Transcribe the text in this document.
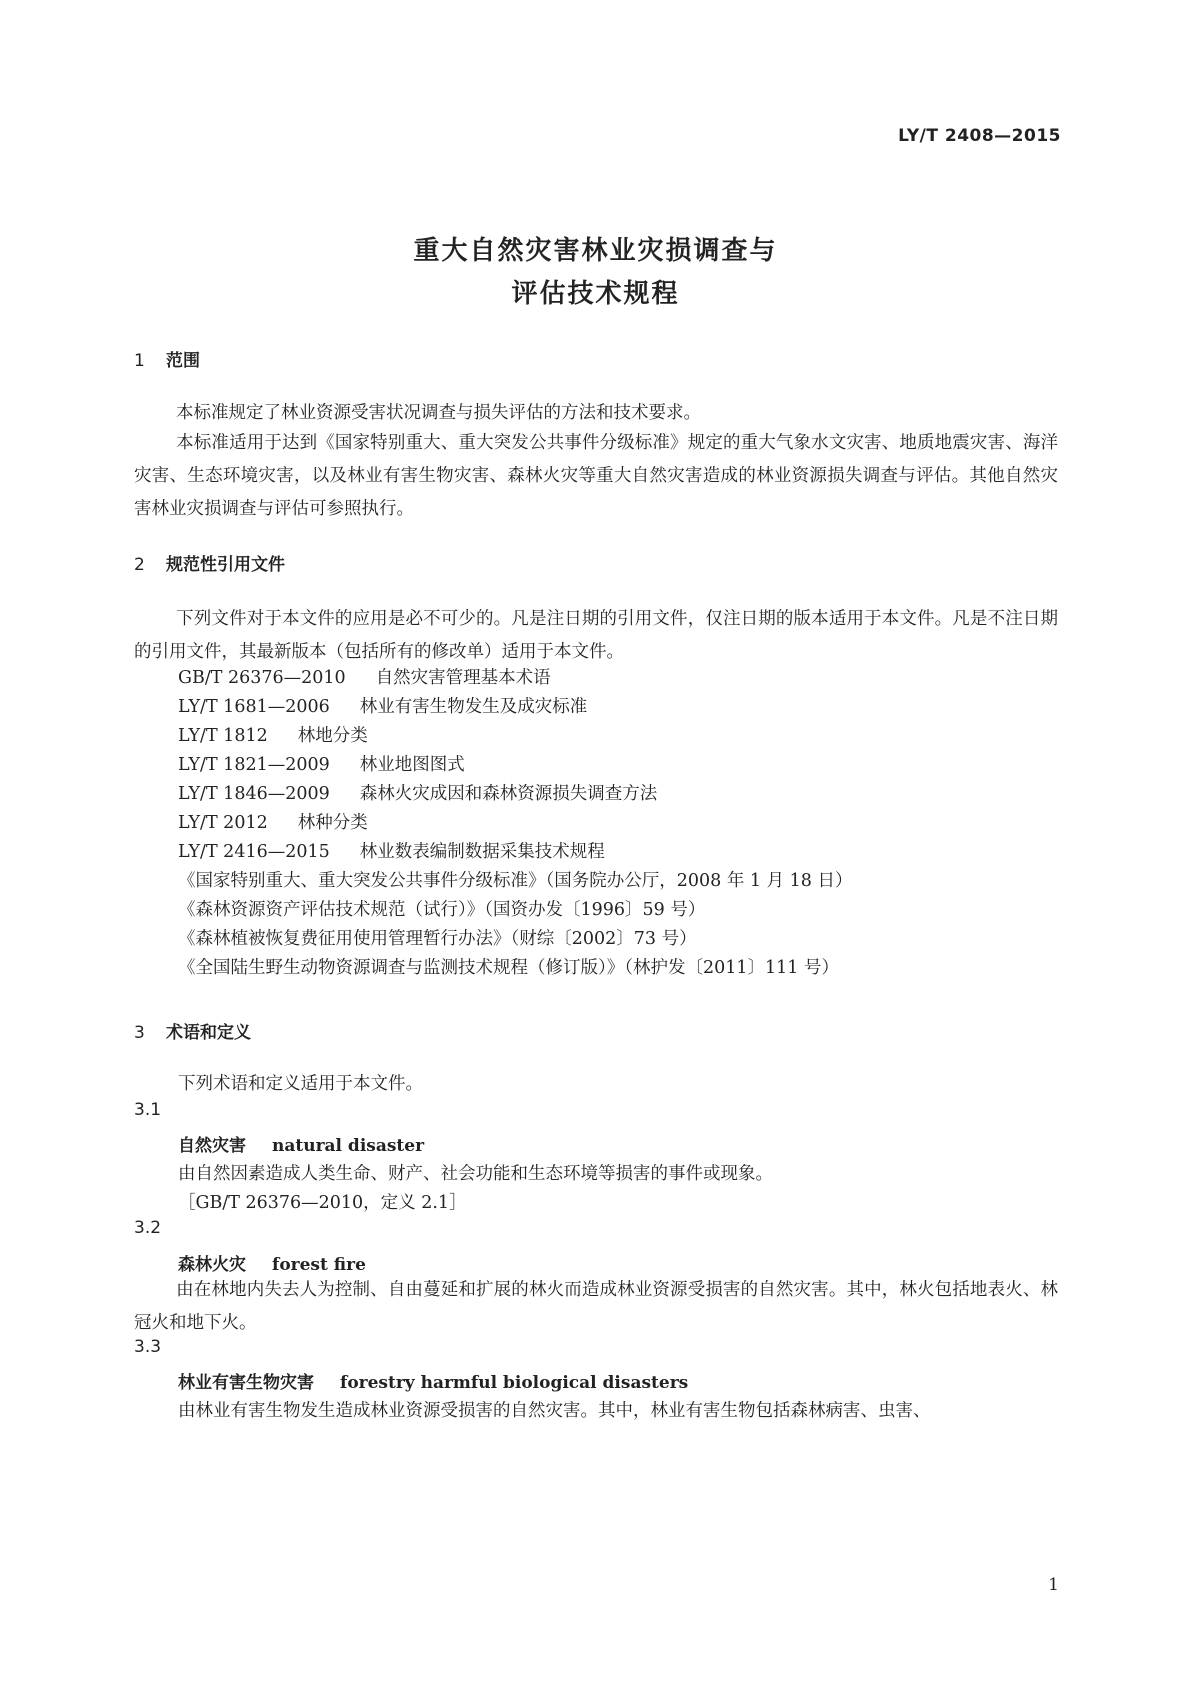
LY/T 2408—2015
重大自然灾害林业灾损调查与
评估技术规程
1 范围
本标准规定了林业资源受害状况调查与损失评估的方法和技术要求。
本标准适用于达到《国家特别重大、重大突发公共事件分级标准》规定的重大气象水文灾害、地质地震灾害、海洋灾害、生态环境灾害，以及林业有害生物灾害、森林火灾等重大自然灾害造成的林业资源损失调查与评估。其他自然灾害林业灾损调查与评估可参照执行。
2 规范性引用文件
下列文件对于本文件的应用是必不可少的。凡是注日期的引用文件，仅注日期的版本适用于本文件。凡是不注日期的引用文件，其最新版本（包括所有的修改单）适用于本文件。
GB/T 26376—2010 自然灾害管理基本术语
LY/T 1681—2006 林业有害生物发生及成灾标准
LY/T 1812 林地分类
LY/T 1821—2009 林业地图图式
LY/T 1846—2009 森林火灾成因和森林资源损失调查方法
LY/T 2012 林种分类
LY/T 2416—2015 林业数表编制数据采集技术规程
《国家特别重大、重大突发公共事件分级标准》（国务院办公厅，2008 年 1 月 18 日）
《森林资源资产评估技术规范（试行）》（国资办发〔1996〕59 号）
《森林植被恢复费征用使用管理暂行办法》（财综〔2002〕73 号）
《全国陆生野生动物资源调查与监测技术规程（修订版）》（林护发〔2011〕111 号）
3 术语和定义
下列术语和定义适用于本文件。
3.1
自然灾害 natural disaster
由自然因素造成人类生命、财产、社会功能和生态环境等损害的事件或现象。
［GB/T 26376—2010，定义 2.1］
3.2
森林火灾 forest fire
由在林地内失去人为控制、自由蔓延和扩展的林火而造成林业资源受损害的自然灾害。其中，林火包括地表火、林冠火和地下火。
3.3
林业有害生物灾害 forestry harmful biological disasters
由林业有害生物发生造成林业资源受损害的自然灾害。其中，林业有害生物包括森林病害、虫害、
1
